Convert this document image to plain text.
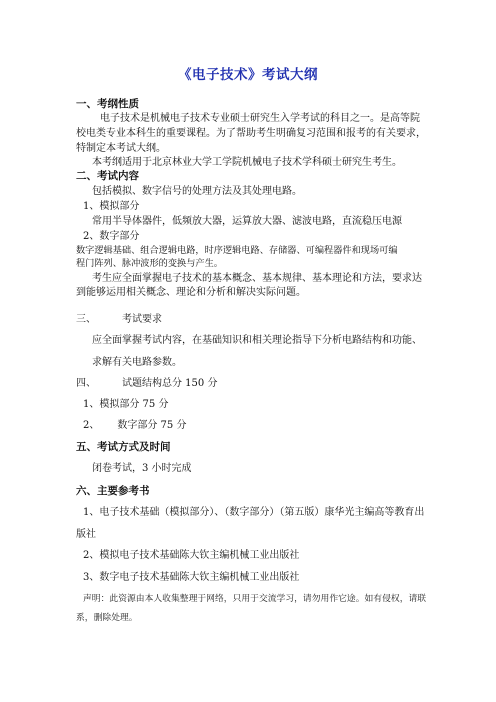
《电子技术》考试大纲
一、考纲性质
电子技术是机械电子技术专业硕士研究生入学考试的科目之一。是高等院
校电类专业本科生的重要课程。为了帮助考生明确复习范围和报考的有关要求，
特制定本考试大纲。
本考纲适用于北京林业大学工学院机械电子技术学科硕士研究生考生。
二、考试内容
包括模拟、数字信号的处理方法及其处理电路。
1、模拟部分
常用半导体器件，低频放大器，运算放大器、滤波电路，直流稳压电源
2、数字部分
数字逻辑基础、组合逻辑电路，时序逻辑电路、存储器、可编程器件和现场可编
程门阵列、脉冲波形的变换与产生。
考生应全面掌握电子技术的基本概念、基本规律、基本理论和方法，要求达
到能够运用相关概念、理论和分析和解决实际问题。
三、	考试要求
应全面掌握考试内容，在基础知识和相关理论指导下分析电路结构和功能、
求解有关电路参数。
四、	试题结构总分 150 分
1、模拟部分 75 分
2、 数字部分 75 分
五、考试方式及时间
闭卷考试，3 小时完成
六、主要参考书
1、电子技术基础（模拟部分）、（数字部分）（第五版）康华光主编高等教育出
版社
2、模拟电子技术基础陈大钦主编机械工业出版社
3、数字电子技术基础陈大钦主编机械工业出版社
声明：此资源由本人收集整理于网络，只用于交流学习，请勿用作它途。如有侵权，请联
系，删除处理。
